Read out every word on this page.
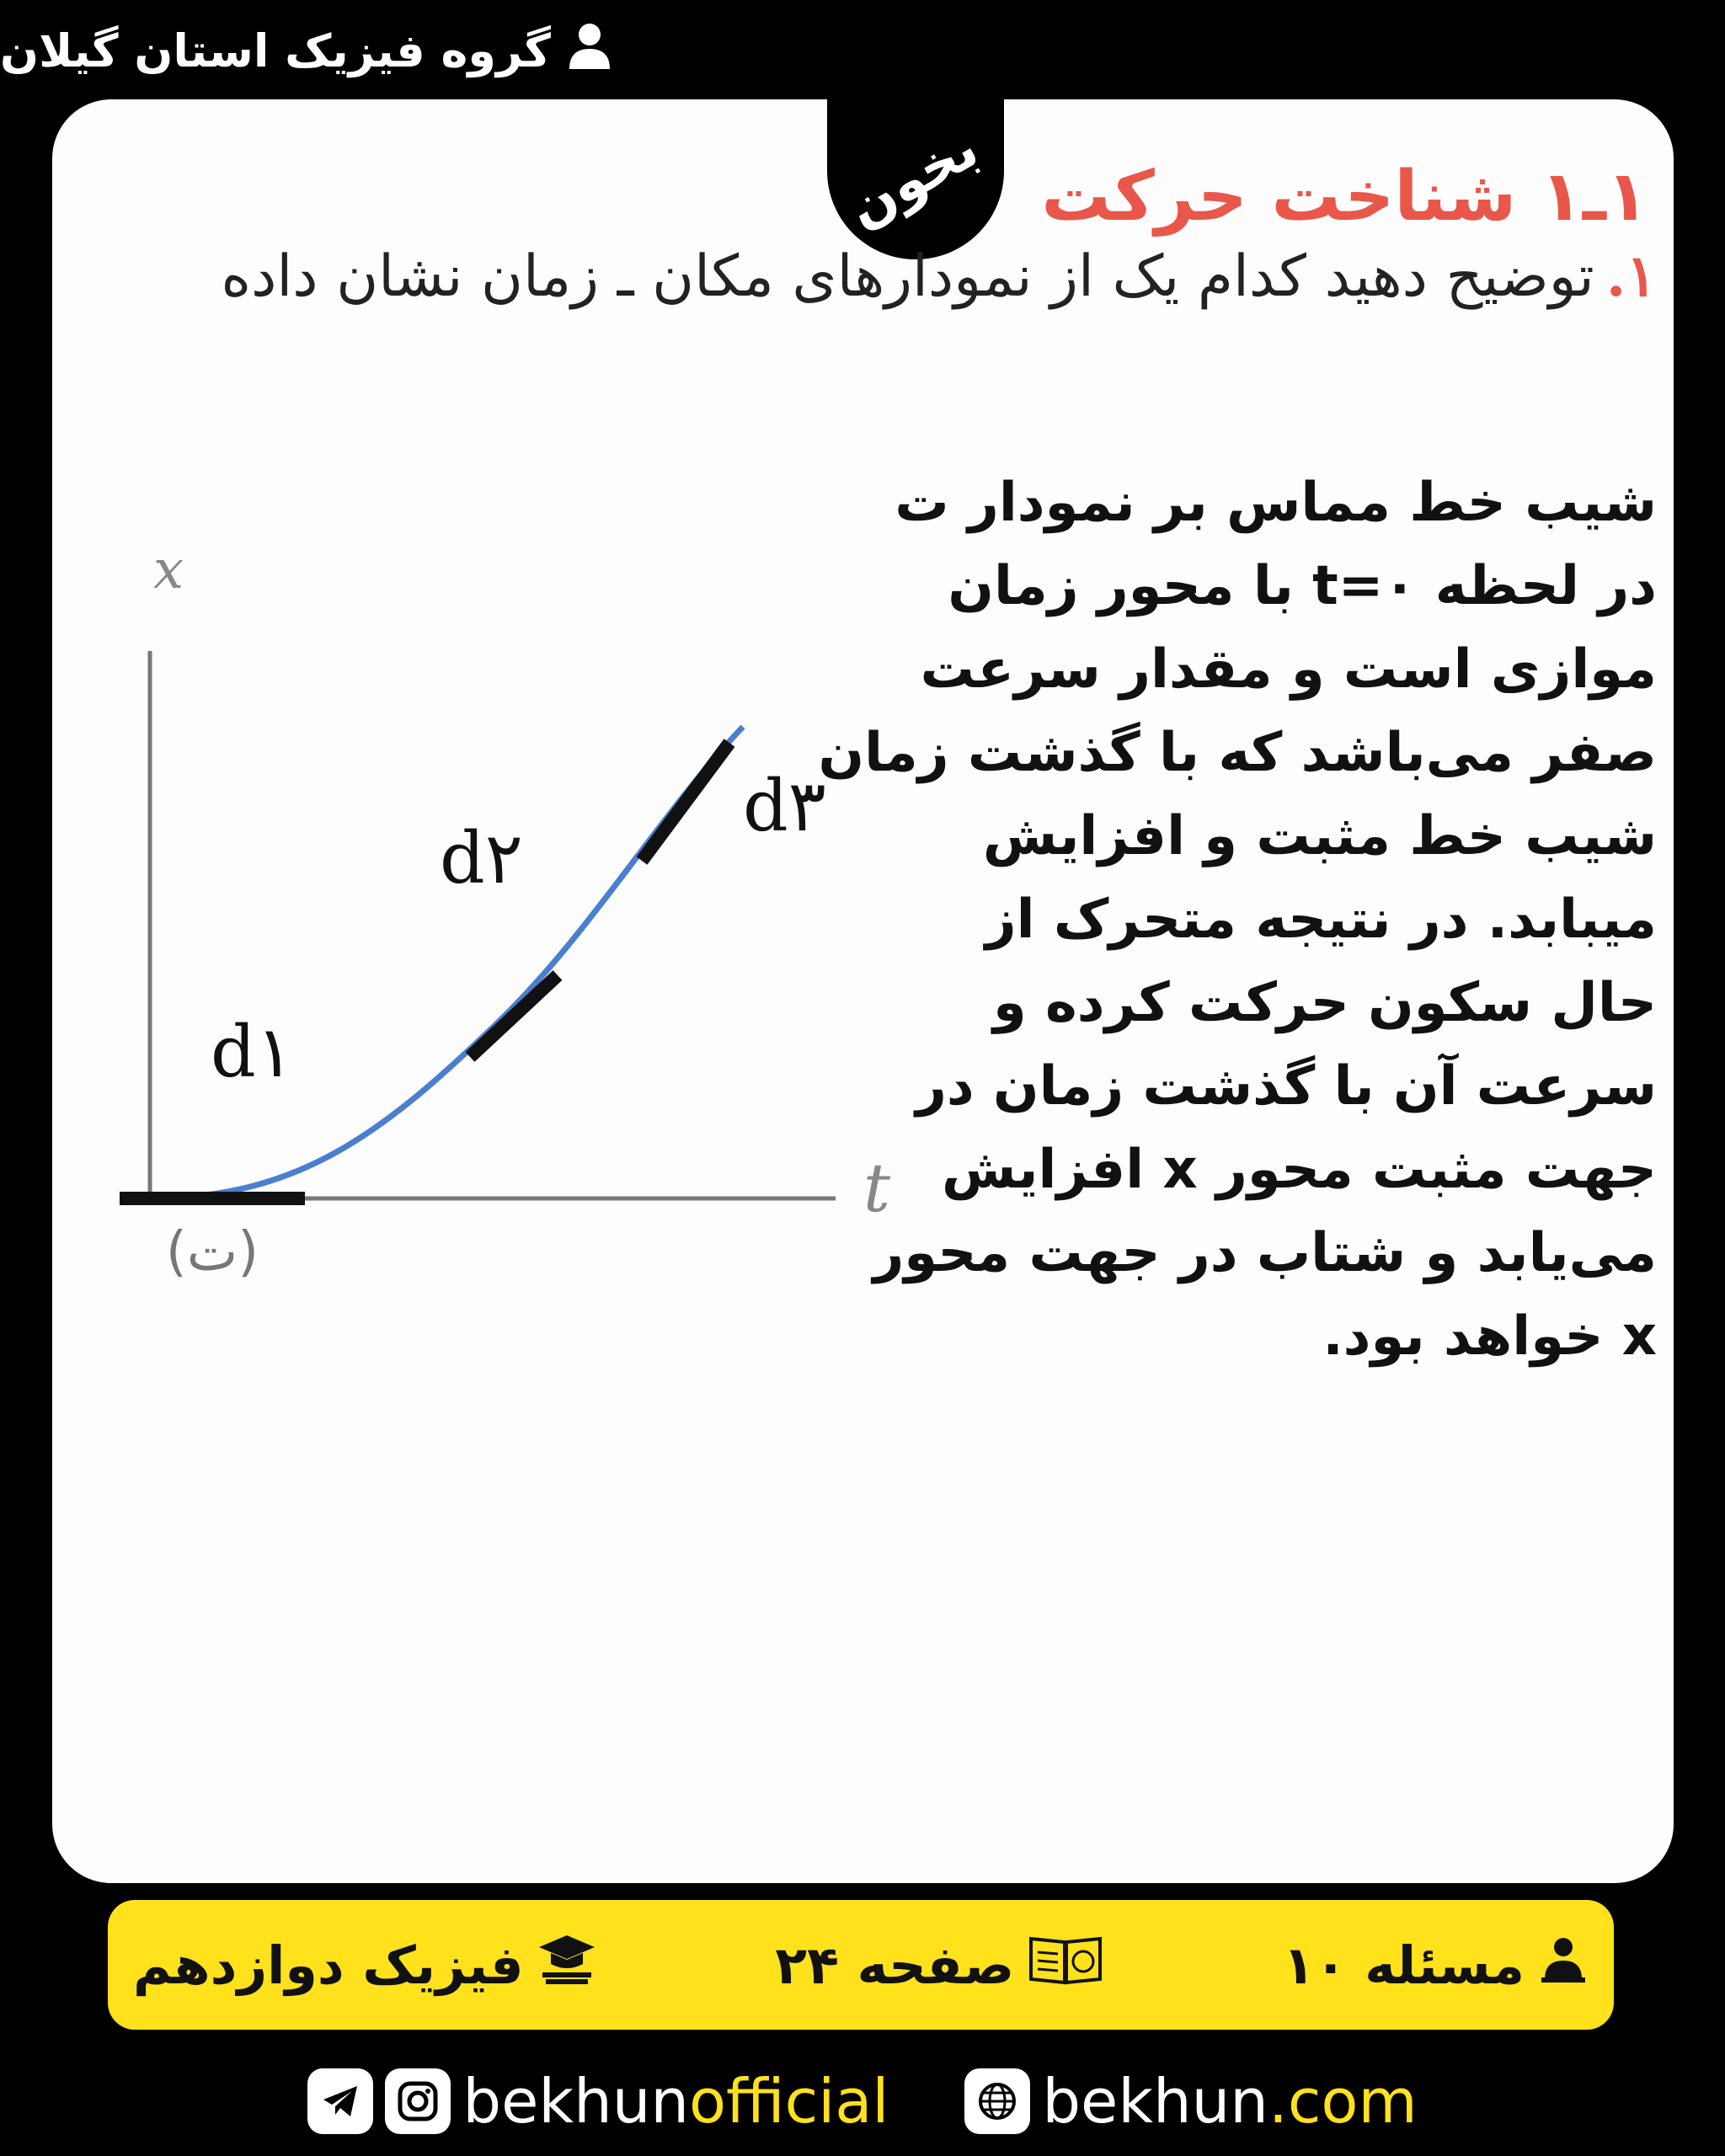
گروه فیزیک استان گیلان
بخون ۱ـ۱ شناخت حرکت
۱.توضیح دهید کدام یک از نمودارهای مکان ـ زمان نشان داده
x
t
d۱
d۲
d۳
(ت)
شیب خط مماس بر نمودار ت
در لحظه t=۰ با محور زمان
موازی است و مقدار سرعت
صفر می‌باشد که با گذشت زمان
شیب خط مثبت و افزایش
میبابد. در نتیجه متحرک از
حال سکون حرکت کرده و
سرعت آن با گذشت زمان در
جهت مثبت محور x افزایش
می‌یابد و شتاب در جهت محور
x خواهد بود.
مسئله ۱۰
صفحه ۲۴
فیزیک دوازدهم
bekhunofficial	bekhun.com
